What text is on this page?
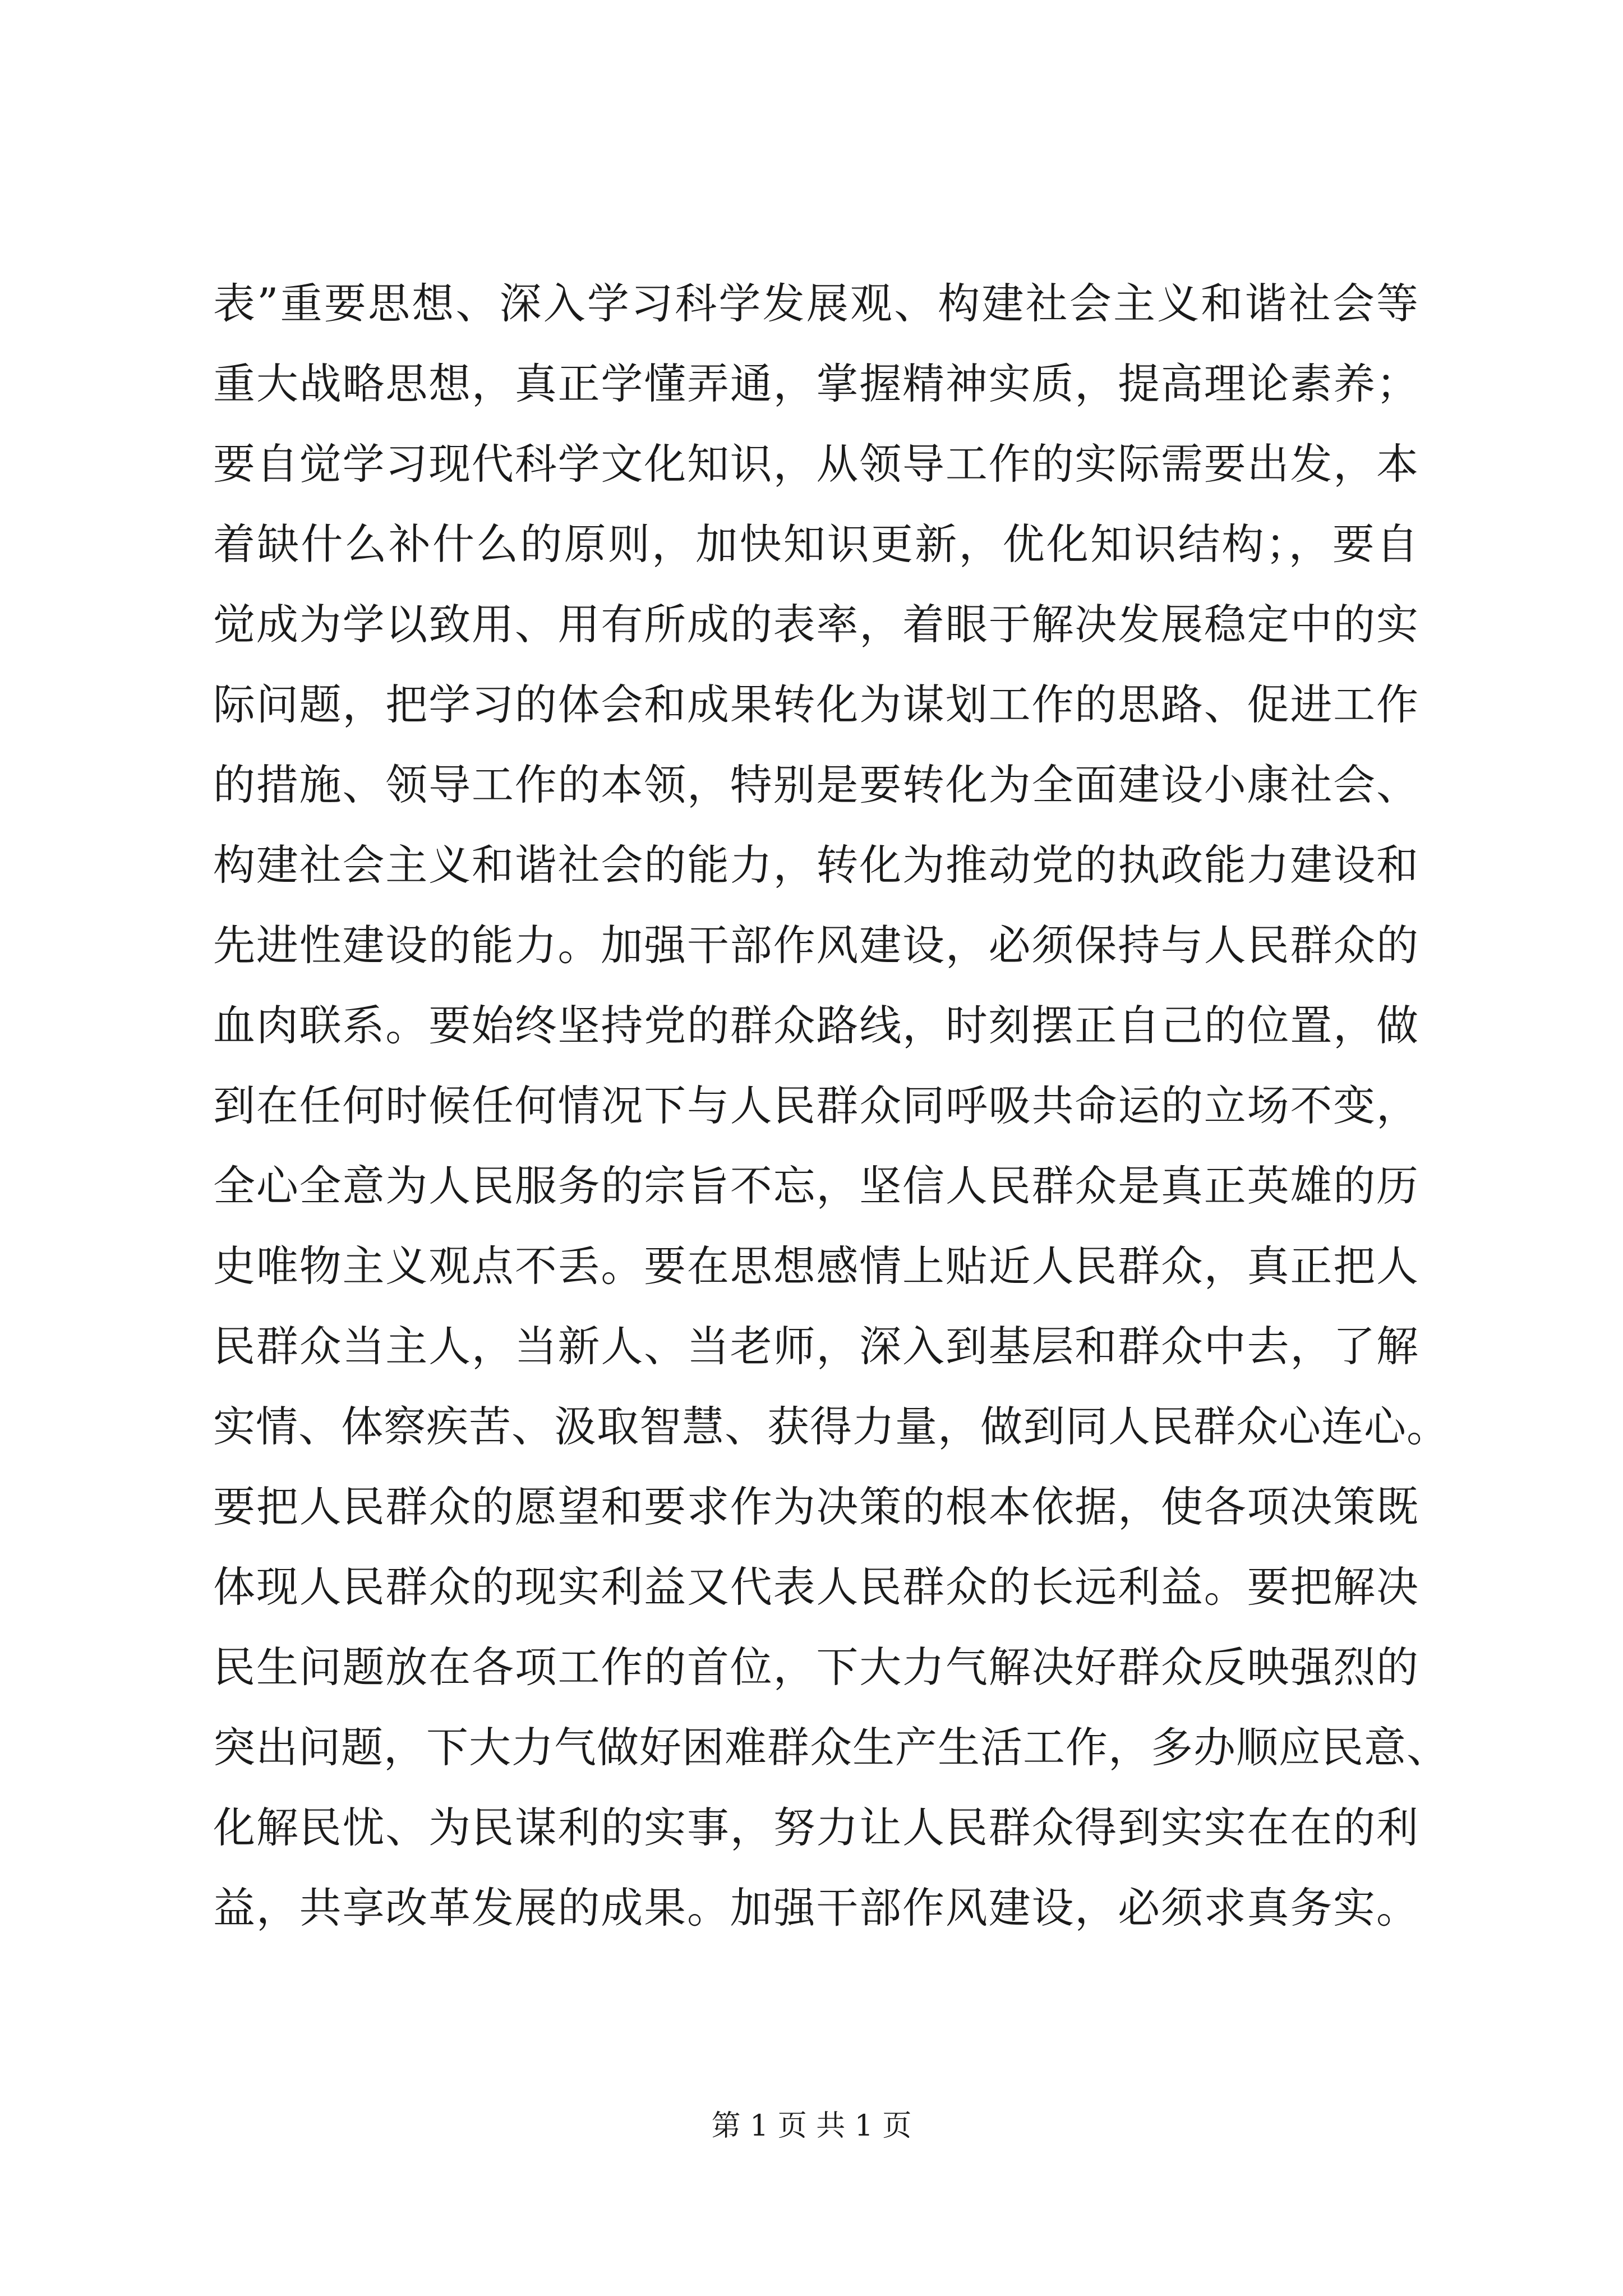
表”重要思想、深入学习科学发展观、构建社会主义和谐社会等
重大战略思想，真正学懂弄通，掌握精神实质，提高理论素养；
要自觉学习现代科学文化知识，从领导工作的实际需要出发，本
着缺什么补什么的原则，加快知识更新，优化知识结构；，要自
觉成为学以致用、用有所成的表率，着眼于解决发展稳定中的实
际问题，把学习的体会和成果转化为谋划工作的思路、促进工作
的措施、领导工作的本领，特别是要转化为全面建设小康社会、
构建社会主义和谐社会的能力，转化为推动党的执政能力建设和
先进性建设的能力。加强干部作风建设，必须保持与人民群众的
血肉联系。要始终坚持党的群众路线，时刻摆正自己的位置，做
到在任何时候任何情况下与人民群众同呼吸共命运的立场不变，
全心全意为人民服务的宗旨不忘，坚信人民群众是真正英雄的历
史唯物主义观点不丢。要在思想感情上贴近人民群众，真正把人
民群众当主人，当新人、当老师，深入到基层和群众中去，了解
实情、体察疾苦、汲取智慧、获得力量，做到同人民群众心连心。
要把人民群众的愿望和要求作为决策的根本依据，使各项决策既
体现人民群众的现实利益又代表人民群众的长远利益。要把解决
民生问题放在各项工作的首位，下大力气解决好群众反映强烈的
突出问题，下大力气做好困难群众生产生活工作，多办顺应民意、
化解民忧、为民谋利的实事，努力让人民群众得到实实在在的利
益，共享改革发展的成果。加强干部作风建设，必须求真务实。
第 1 页 共 1 页
